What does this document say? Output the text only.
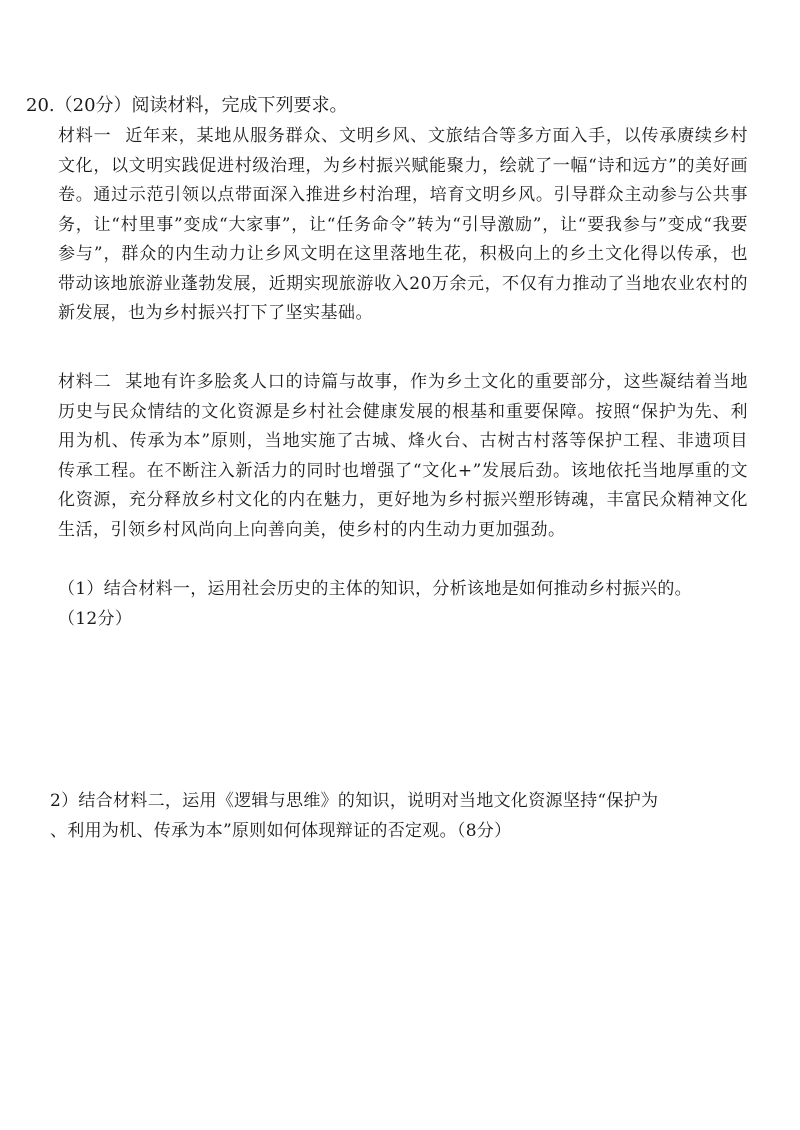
20.（20分）阅读材料，完成下列要求。
材料一 近年来，某地从服务群众、文明乡风、文旅结合等多方面入手，以传承赓续乡村文化，以文明实践促进村级治理，为乡村振兴赋能聚力，绘就了一幅“诗和远方”的美好画卷。通过示范引领以点带面深入推进乡村治理，培育文明乡风。引导群众主动参与公共事务，让“村里事”变成“大家事”，让“任务命令”转为“引导激励”，让“要我参与”变成“我要参与”，群众的内生动力让乡风文明在这里落地生花，积极向上的乡土文化得以传承，也带动该地旅游业蓬勃发展，近期实现旅游收入20万余元，不仅有力推动了当地农业农村的新发展，也为乡村振兴打下了坚实基础。
材料二 某地有许多脍炙人口的诗篇与故事，作为乡土文化的重要部分，这些凝结着当地历史与民众情结的文化资源是乡村社会健康发展的根基和重要保障。按照“保护为先、利用为机、传承为本”原则，当地实施了古城、烽火台、古树古村落等保护工程、非遗项目传承工程。在不断注入新活力的同时也增强了“文化+”发展后劲。该地依托当地厚重的文化资源，充分释放乡村文化的内在魅力，更好地为乡村振兴塑形铸魂，丰富民众精神文化生活，引领乡村风尚向上向善向美，使乡村的内生动力更加强劲。
（1）结合材料一，运用社会历史的主体的知识，分析该地是如何推动乡村振兴的。
（12分）
2）结合材料二，运用《逻辑与思维》的知识，说明对当地文化资源坚持“保护为
、利用为机、传承为本”原则如何体现辩证的否定观。（8分）
